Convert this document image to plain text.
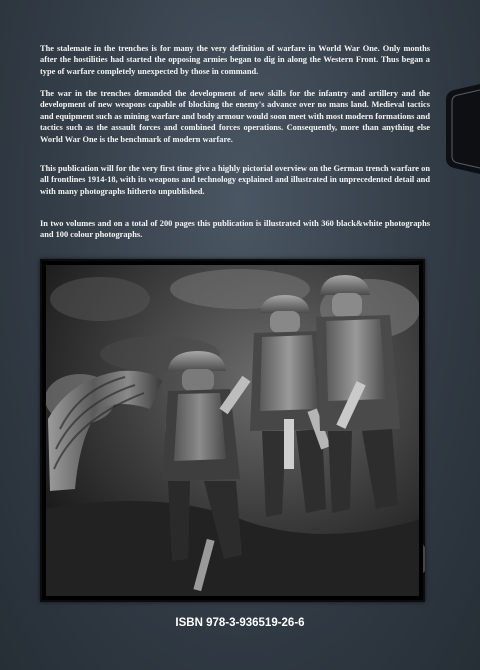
The stalemate in the trenches is for many the very definition of warfare in World War One. Only months after the hostilities had started the opposing armies began to dig in along the Western Front. Thus began a type of warfare completely unexpected by those in command.

The war in the trenches demanded the development of new skills for the infantry and artillery and the development of new weapons capable of blocking the enemy's advance over no mans land. Medieval tactics and equipment such as mining warfare and body armour would soon meet with most modern formations and tactics such as the assault forces and combined forces operations. Consequently, more than anything else World War One is the benchmark of modern warfare.

This publication will for the very first time give a highly pictorial overview on the German trench warfare on all frontlines 1914-18, with its weapons and technology explained and illustrated in unprecedented detail and with many photographs hitherto unpublished.

In two volumes and on a total of 200 pages this publication is illustrated with 360 black&white photographs and 100 colour photographs.

ISBN 978-3-936519-26-6
